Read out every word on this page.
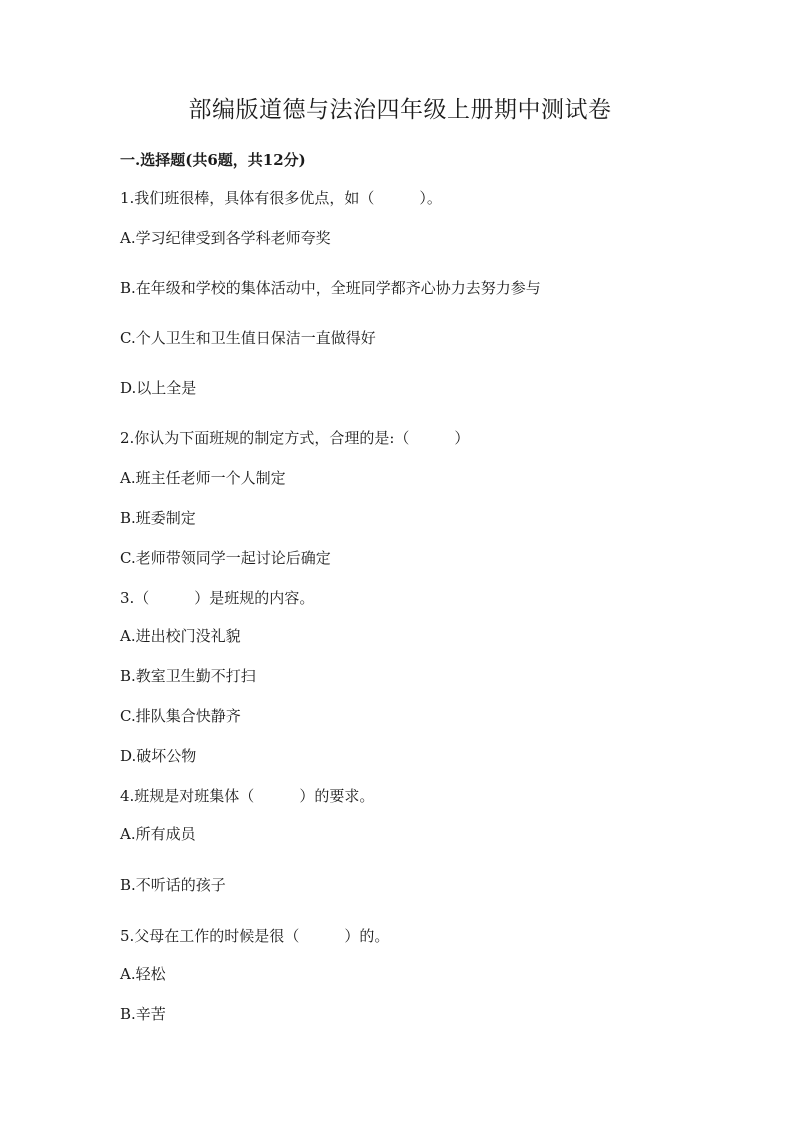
部编版道德与法治四年级上册期中测试卷
一.选择题(共6题，共12分)
1.我们班很棒，具体有很多优点，如（　　　）。
A.学习纪律受到各学科老师夸奖
B.在年级和学校的集体活动中，全班同学都齐心协力去努力参与
C.个人卫生和卫生值日保洁一直做得好
D.以上全是
2.你认为下面班规的制定方式，合理的是:（　　　）
A.班主任老师一个人制定
B.班委制定
C.老师带领同学一起讨论后确定
3.（　　　）是班规的内容。
A.进出校门没礼貌
B.教室卫生勤不打扫
C.排队集合快静齐
D.破坏公物
4.班规是对班集体（　　　）的要求。
A.所有成员
B.不听话的孩子
5.父母在工作的时候是很（　　　）的。
A.轻松
B.辛苦
